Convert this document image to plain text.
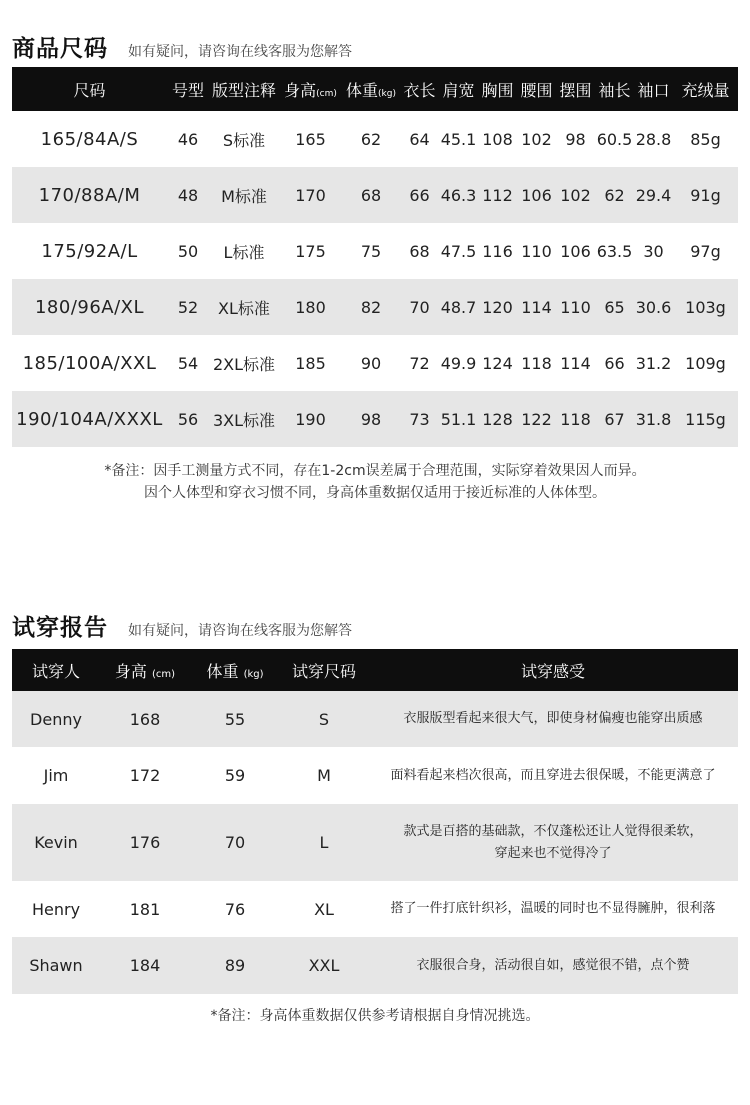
商品尺码 如有疑问，请咨询在线客服为您解答
尺码	号型	版型注释	身高(cm)	体重(kg)	衣长	肩宽	胸围	腰围	摆围	袖长	袖口	充绒量
165/84A/S	46	S标准	165	62	64	45.1	108	102	98	60.5	28.8	85g
170/88A/M	48	M标准	170	68	66	46.3	112	106	102	62	29.4	91g
175/92A/L	50	L标准	175	75	68	47.5	116	110	106	63.5	30	97g
180/96A/XL	52	XL标准	180	82	70	48.7	120	114	110	65	30.6	103g
185/100A/XXL	54	2XL标准	185	90	72	49.9	124	118	114	66	31.2	109g
190/104A/XXXL	56	3XL标准	190	98	73	51.1	128	122	118	67	31.8	115g
*备注：因手工测量方式不同，存在1-2cm误差属于合理范围，实际穿着效果因人而异。
因个人体型和穿衣习惯不同，身高体重数据仅适用于接近标准的人体体型。
试穿报告 如有疑问，请咨询在线客服为您解答
试穿人	身高 (cm)	体重 (kg)	试穿尺码	试穿感受
Denny	168	55	S	衣服版型看起来很大气，即使身材偏瘦也能穿出质感

Jim	172	59	M	面料看起来档次很高，而且穿进去很保暖，不能更满意了

Kevin	176	70	L	款式是百搭的基础款，不仅蓬松还让人觉得很柔软，
穿起来也不觉得冷了

Henry	181	76	XL	搭了一件打底针织衫，温暖的同时也不显得臃肿，很利落

Shawn	184	89	XXL	衣服很合身，活动很自如，感觉很不错，点个赞
*备注：身高体重数据仅供参考请根据自身情况挑选。
